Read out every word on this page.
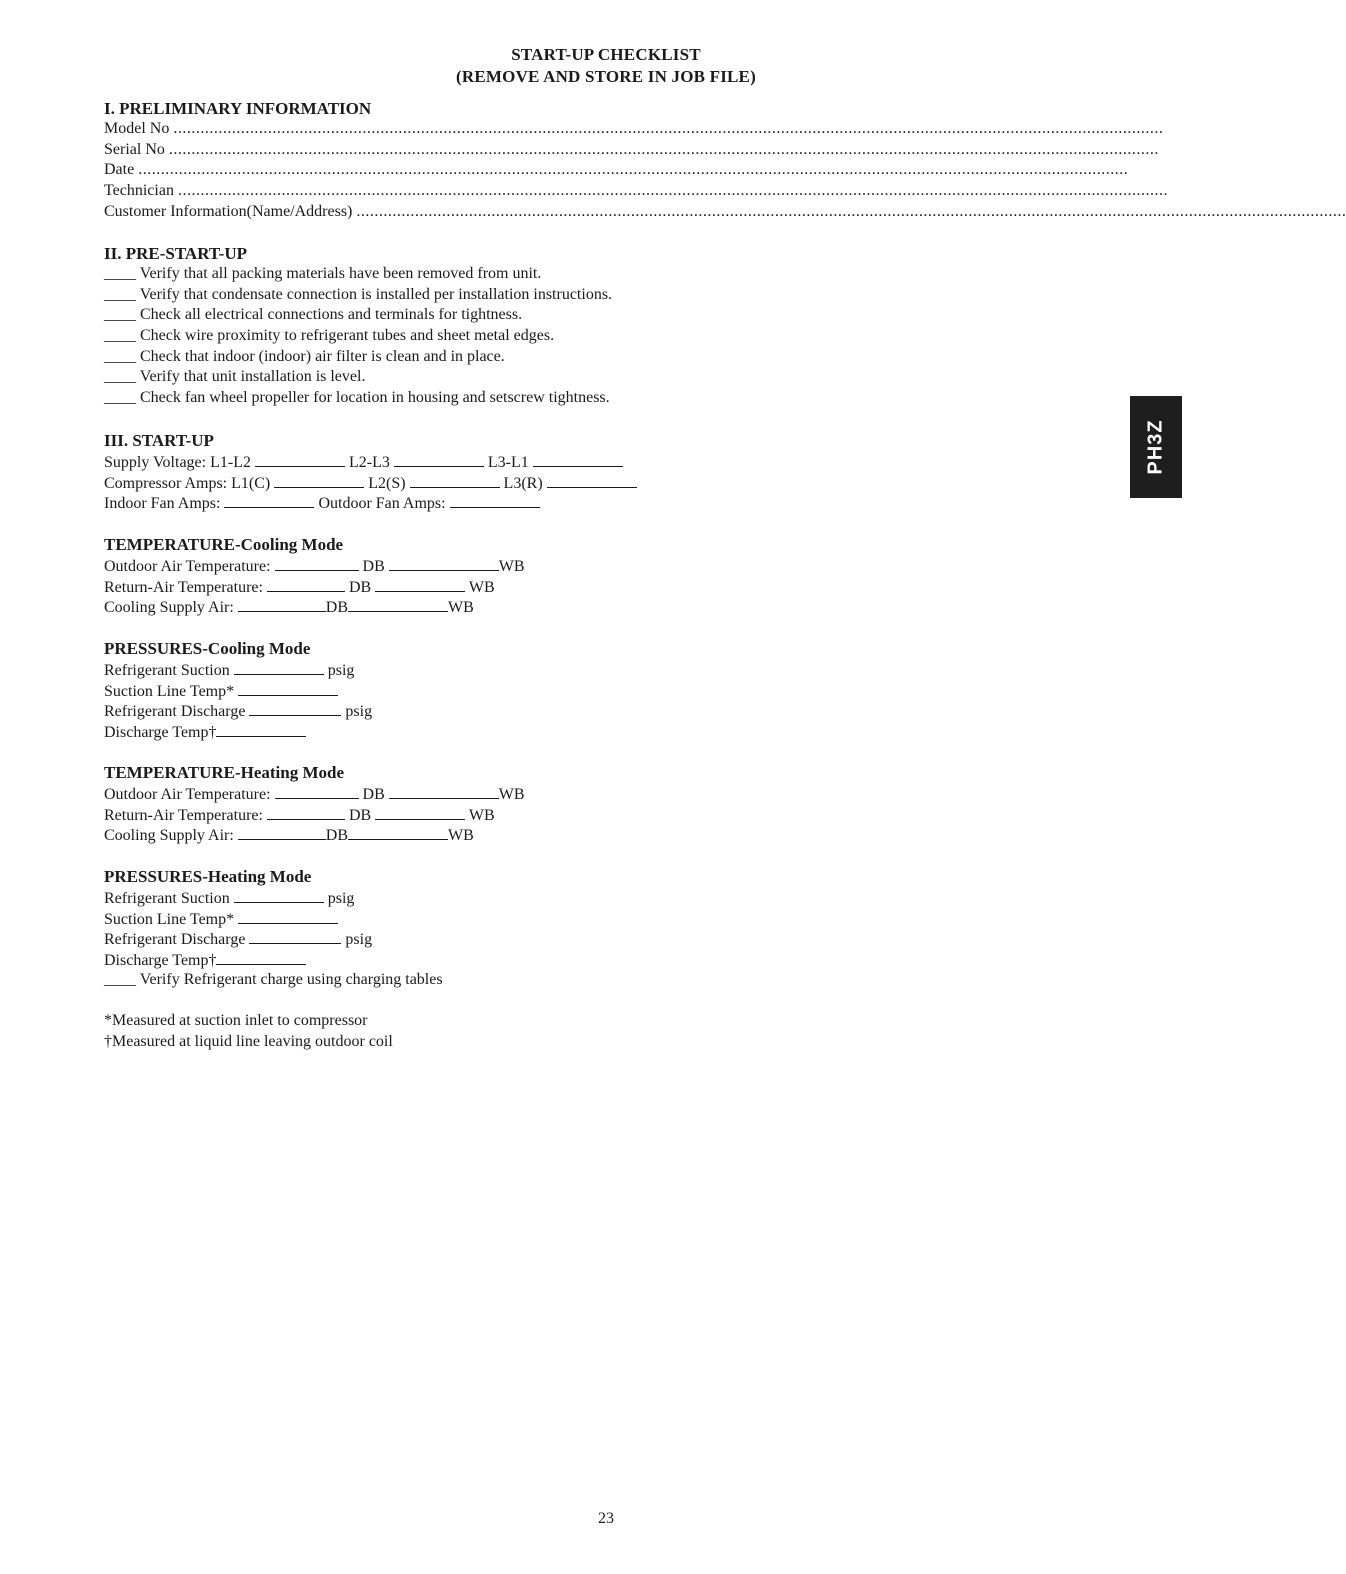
START-UP CHECKLIST
(REMOVE AND STORE IN JOB FILE)
I. PRELIMINARY INFORMATION
Model No ............................................................................................................................................................................................................................
Serial No ............................................................................................................................................................................................................................
Date ............................................................................................................................................................................................................................
Technician ............................................................................................................................................................................................................................
Customer Information(Name/Address) ............................................................................................................................................................................................................................
II. PRE-START-UP
____ Verify that all packing materials have been removed from unit.
____ Verify that condensate connection is installed per installation instructions.
____ Check all electrical connections and terminals for tightness.
____ Check wire proximity to refrigerant tubes and sheet metal edges.
____ Check that indoor (indoor) air filter is clean and in place.
____ Verify that unit installation is level.
____ Check fan wheel propeller for location in housing and setscrew tightness.
III. START-UP
Supply Voltage: L1-L2	L2-L3	L3-L1
Compressor Amps: L1(C)	L2(S)	L3(R)
Indoor Fan Amps:	Outdoor Fan Amps:
TEMPERATURE-Cooling Mode
Outdoor Air Temperature:	DB	WB
Return-Air Temperature:	DB	WB
Cooling Supply Air:	DB	WB
PRESSURES-Cooling Mode
Refrigerant Suction	psig
Suction Line Temp*
Refrigerant Discharge	psig
Discharge Temp†
TEMPERATURE-Heating Mode
Outdoor Air Temperature:	DB	WB
Return-Air Temperature:	DB	WB
Cooling Supply Air:	DB	WB
PRESSURES-Heating Mode
Refrigerant Suction	psig
Suction Line Temp*
Refrigerant Discharge	psig
Discharge Temp†
____ Verify Refrigerant charge using charging tables
*Measured at suction inlet to compressor
†Measured at liquid line leaving outdoor coil
PH3Z
23
